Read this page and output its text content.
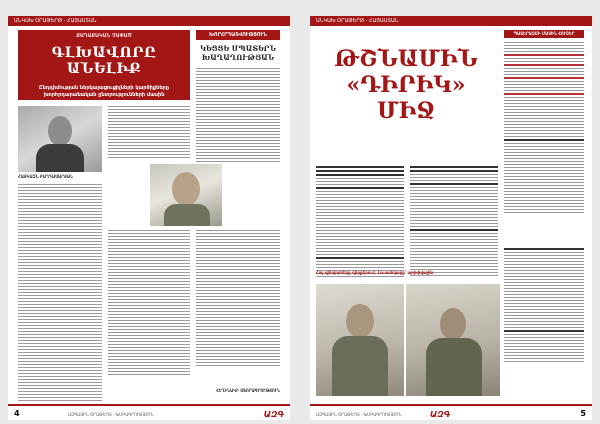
ԱՆԿԱԽ ՕՐԱԹԵՐԹ · ՀԱՅԱՍՏԱՆ
ՔԱՂԱՔԱԿԱՆ ՉԱՓԱԾ
ԳԼԽԱՎՈՐԸ ԱՆԵԼԻՔ
Ընդդիմության ներկայացուցիչների կարծիքները խորհրդարանական ընտրությունների մասին
ԽՈՐՀՐԴԱՏՎՈՒԹՅՈՒՆ
ԿԵՑՑԵ ՄՊԱՏԵՐՆ ԽԱՂԱՂՈՒԹՅԱՆ
ՀԱՅԿԱԶՆ ԲԱՂԴԱՍԱՐՅԱՆ
ՀԵՂԻՆԱԿԻ ՍՏՈՐԱԳՐՈՒԹՅՈՒՆ
4	ԱԶԳԱՅԻՆ ՕՐԱԹԵՐԹ · ԽՄԲԱԳՐՈՒԹՅՈՒՆ	ԱԶԳ
ԱՆԿԱԽ ՕՐԱԹԵՐԹ · ՀԱՅԱՍՏԱՆ
ԹՇՆԱՄԻՆ
«ԴԻՐԻԿ» ՄԻՋ
ՊԱՏԵՐԱԶՄԻ ՄԱՍԻՆ ՀՈՒՇԵՐ
Հայ զինվորները դիրքերում. Լուսանկարը՝ արխիվային
ԱԶԳ
ԱԶԳԱՅԻՆ ՕՐԱԹԵՐԹ · ԽՄԲԱԳՐՈՒԹՅՈՒՆ	5
